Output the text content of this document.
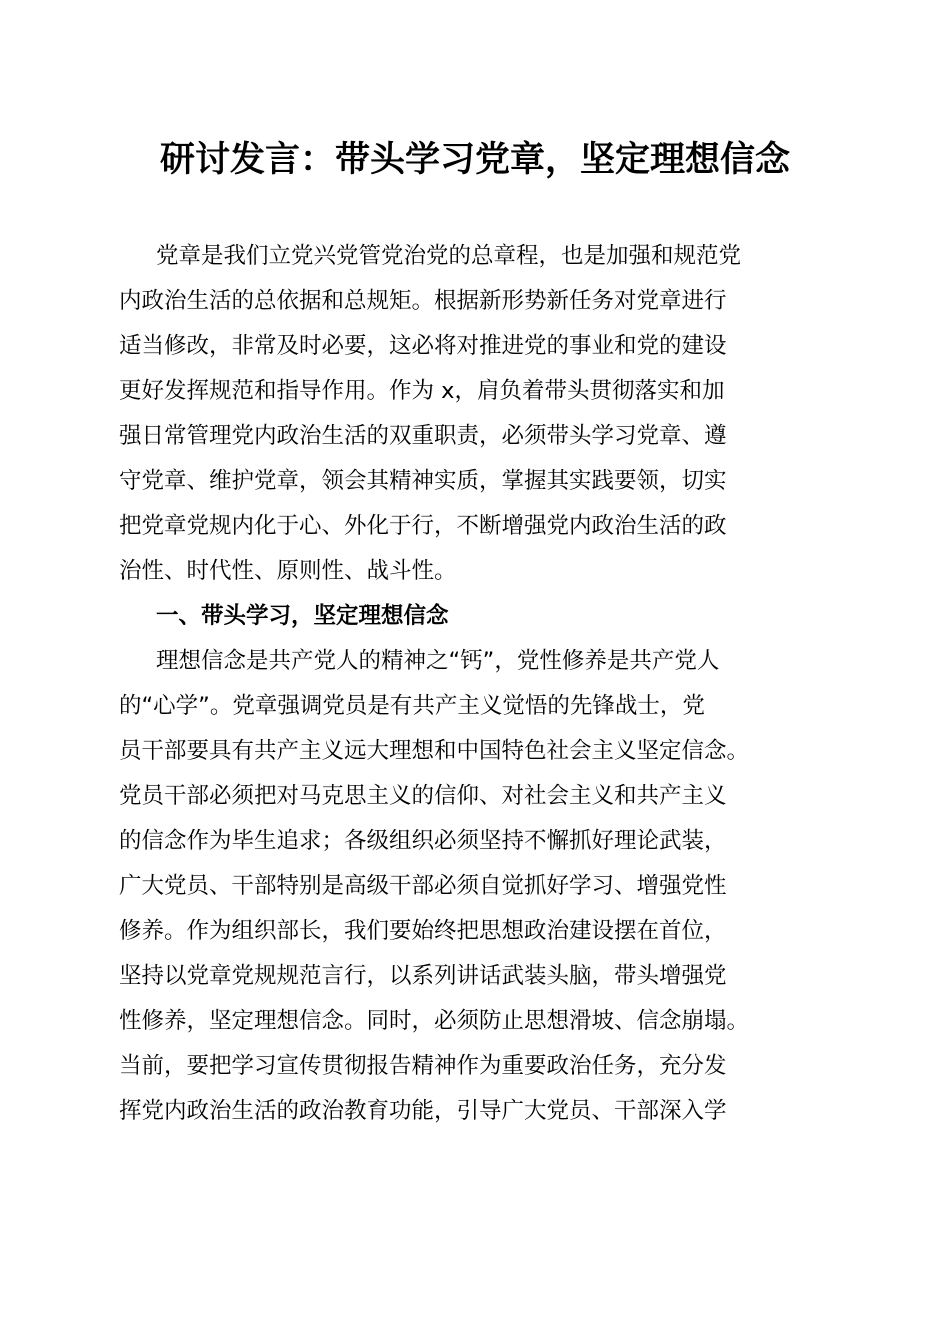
研讨发言：带头学习党章，坚定理想信念
党章是我们立党兴党管党治党的总章程，也是加强和规范党
内政治生活的总依据和总规矩。根据新形势新任务对党章进行
适当修改，非常及时必要，这必将对推进党的事业和党的建设
更好发挥规范和指导作用。作为 x，肩负着带头贯彻落实和加
强日常管理党内政治生活的双重职责，必须带头学习党章、遵
守党章、维护党章，领会其精神实质，掌握其实践要领，切实
把党章党规内化于心、外化于行，不断增强党内政治生活的政
治性、时代性、原则性、战斗性。
一、带头学习，坚定理想信念
理想信念是共产党人的精神之“钙”，党性修养是共产党人
的“心学”。党章强调党员是有共产主义觉悟的先锋战士，党
员干部要具有共产主义远大理想和中国特色社会主义坚定信念。
党员干部必须把对马克思主义的信仰、对社会主义和共产主义
的信念作为毕生追求；各级组织必须坚持不懈抓好理论武装，
广大党员、干部特别是高级干部必须自觉抓好学习、增强党性
修养。作为组织部长，我们要始终把思想政治建设摆在首位，
坚持以党章党规规范言行，以系列讲话武装头脑，带头增强党
性修养，坚定理想信念。同时，必须防止思想滑坡、信念崩塌。
当前，要把学习宣传贯彻报告精神作为重要政治任务，充分发
挥党内政治生活的政治教育功能，引导广大党员、干部深入学
